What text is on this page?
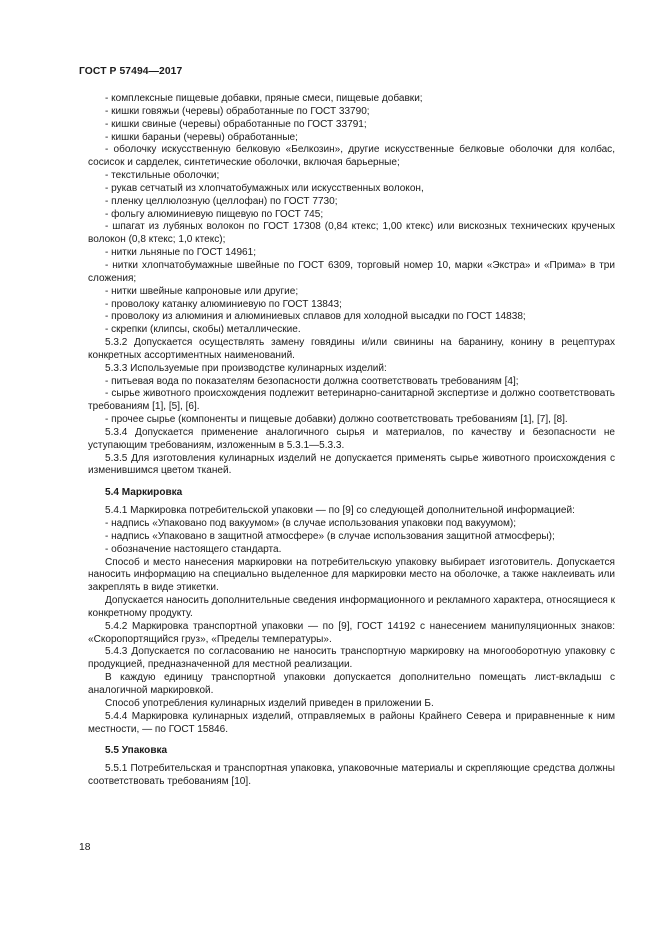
ГОСТ Р 57494—2017

- комплексные пищевые добавки, пряные смеси, пищевые добавки;

- кишки говяжьи (черевы) обработанные по ГОСТ 33790;

- кишки свиные (черевы) обработанные по ГОСТ 33791;

- кишки бараньи (черевы) обработанные;

- оболочку искусственную белковую «Белкозин», другие искусственные белковые оболочки для колбас, сосисок и сарделек, синтетические оболочки, включая барьерные;

- текстильные оболочки;

- рукав сетчатый из хлопчатобумажных или искусственных волокон,

- пленку целлюлозную (целлофан) по ГОСТ 7730;

- фольгу алюминиевую пищевую по ГОСТ 745;

- шпагат из лубяных волокон по ГОСТ 17308 (0,84 ктекс; 1,00 ктекс) или вискозных технических крученых волокон (0,8 ктекс; 1,0 ктекс);

- нитки льняные по ГОСТ 14961;

- нитки хлопчатобумажные швейные по ГОСТ 6309, торговый номер 10, марки «Экстра» и «Прима» в три сложения;

- нитки швейные капроновые или другие;

- проволоку катанку алюминиевую по ГОСТ 13843;

- проволоку из алюминия и алюминиевых сплавов для холодной высадки по ГОСТ 14838;

- скрепки (клипсы, скобы) металлические.

5.3.2 Допускается осуществлять замену говядины и/или свинины на баранину, конину в рецептурах конкретных ассортиментных наименований.

5.3.3 Используемые при производстве кулинарных изделий:

- питьевая вода по показателям безопасности должна соответствовать требованиям [4];

- сырье животного происхождения подлежит ветеринарно-санитарной экспертизе и должно соответствовать требованиям [1], [5], [6].

- прочее сырье (компоненты и пищевые добавки) должно соответствовать требованиям [1], [7], [8].

5.3.4 Допускается применение аналогичного сырья и материалов, по качеству и безопасности не уступающим требованиям, изложенным в 5.3.1—5.3.3.

5.3.5 Для изготовления кулинарных изделий не допускается применять сырье животного происхождения с изменившимся цветом тканей.

5.4 Маркировка

5.4.1 Маркировка потребительской упаковки — по [9] со следующей дополнительной информацией:

- надпись «Упаковано под вакуумом» (в случае использования упаковки под вакуумом);

- надпись «Упаковано в защитной атмосфере» (в случае использования защитной атмосферы);

- обозначение настоящего стандарта.

Способ и место нанесения маркировки на потребительскую упаковку выбирает изготовитель. Допускается наносить информацию на специально выделенное для маркировки место на оболочке, а также наклеивать или закреплять в виде этикетки.

Допускается наносить дополнительные сведения информационного и рекламного характера, относящиеся к конкретному продукту.

5.4.2 Маркировка транспортной упаковки — по [9], ГОСТ 14192 с нанесением манипуляционных знаков: «Скоропортящийся груз», «Пределы температуры».

5.4.3 Допускается по согласованию не наносить транспортную маркировку на многооборотную упаковку с продукцией, предназначенной для местной реализации.

В каждую единицу транспортной упаковки допускается дополнительно помещать лист-вкладыш с аналогичной маркировкой.

Способ употребления кулинарных изделий приведен в приложении Б.

5.4.4 Маркировка кулинарных изделий, отправляемых в районы Крайнего Севера и приравненные к ним местности, — по ГОСТ 15846.

5.5 Упаковка

5.5.1 Потребительская и транспортная упаковка, упаковочные материалы и скрепляющие средства должны соответствовать требованиям [10].

18
